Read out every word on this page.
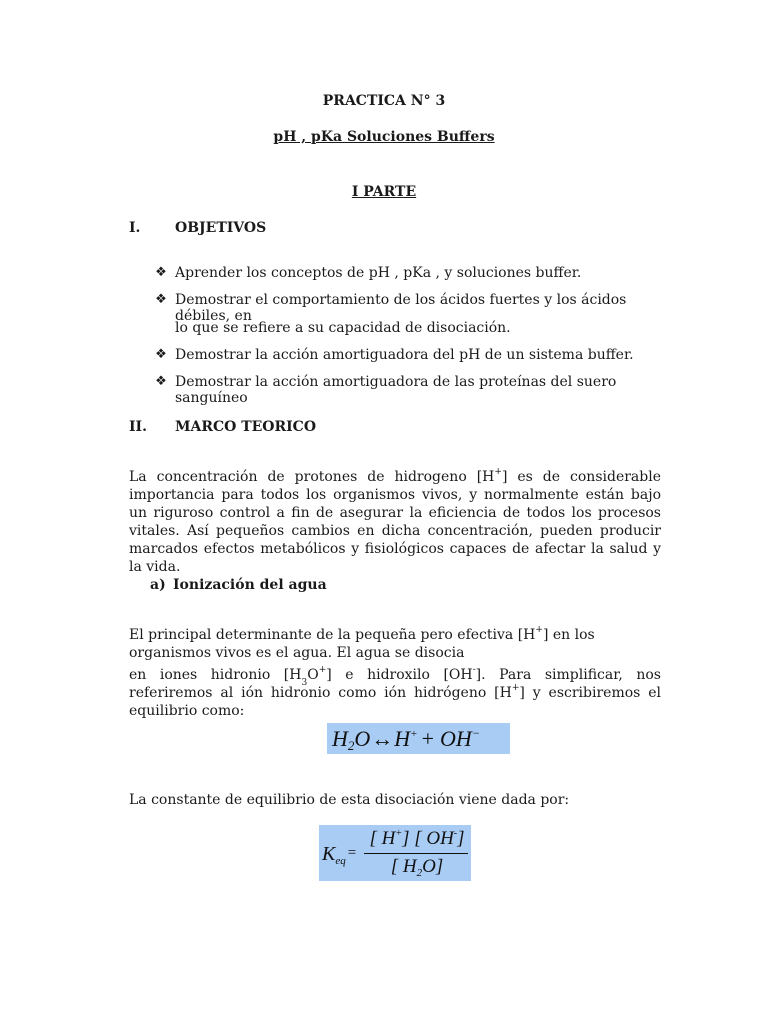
PRACTICA N° 3
pH , pKa Soluciones Buffers
I PARTE
I. OBJETIVOS
❖ Aprender los conceptos de pH , pKa , y soluciones buffer.
❖ Demostrar el comportamiento de los ácidos fuertes y los ácidos débiles, en
lo que se refiere a su capacidad de disociación.
❖ Demostrar la acción amortiguadora del pH de un sistema buffer.
❖ Demostrar la acción amortiguadora de las proteínas del suero sanguíneo
II. MARCO TEORICO
La concentración de protones de hidrogeno [H+] es de considerable importancia para todos los organismos vivos, y normalmente están bajo un riguroso control a fin de asegurar la eficiencia de todos los procesos vitales. Así pequeños cambios en dicha concentración, pueden producir marcados efectos metabólicos y fisiológicos capaces de afectar la salud y la vida.
a) Ionización del agua
El principal determinante de la pequeña pero efectiva [H+] en los organismos vivos es el agua. El agua se disocia
en iones hidronio $[H_3O^+]$ e hidroxilo [OH-]. Para simplificar, nos referiremos al ión hidronio como ión hidrógeno [H+] y escribiremos el equilibrio como:
H2O↔H+ + OH−
La constante de equilibrio de esta disociación viene dada por:
$K_{eq}$ =
[ H+] [ OH-]
[ $H_2O$]
